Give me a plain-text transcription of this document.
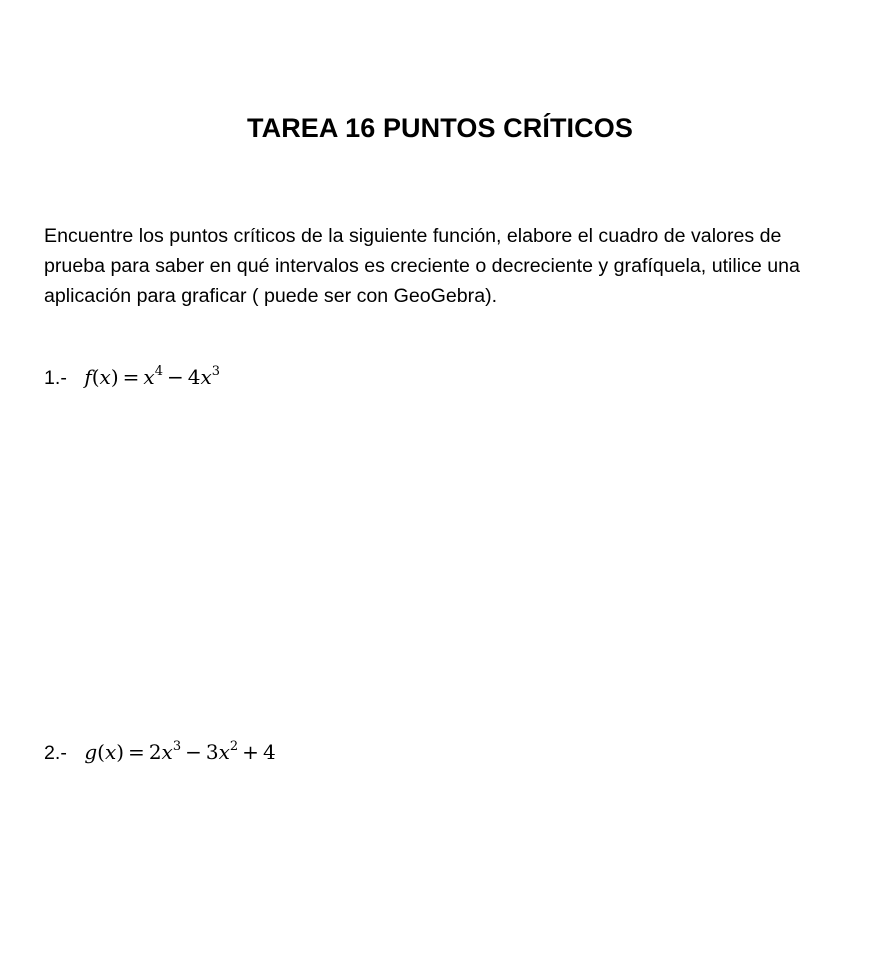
TAREA 16 PUNTOS CRÍTICOS

Encuentre los puntos críticos de la siguiente función, elabore el cuadro de valores de prueba para saber en qué intervalos es creciente o decreciente y grafíquela, utilice una aplicación para graficar ( puede ser con GeoGebra).

1.- $f(x) = x^4 - 4x^3$
2.- $g(x) = 2x^3 - 3x^2 + 4$
